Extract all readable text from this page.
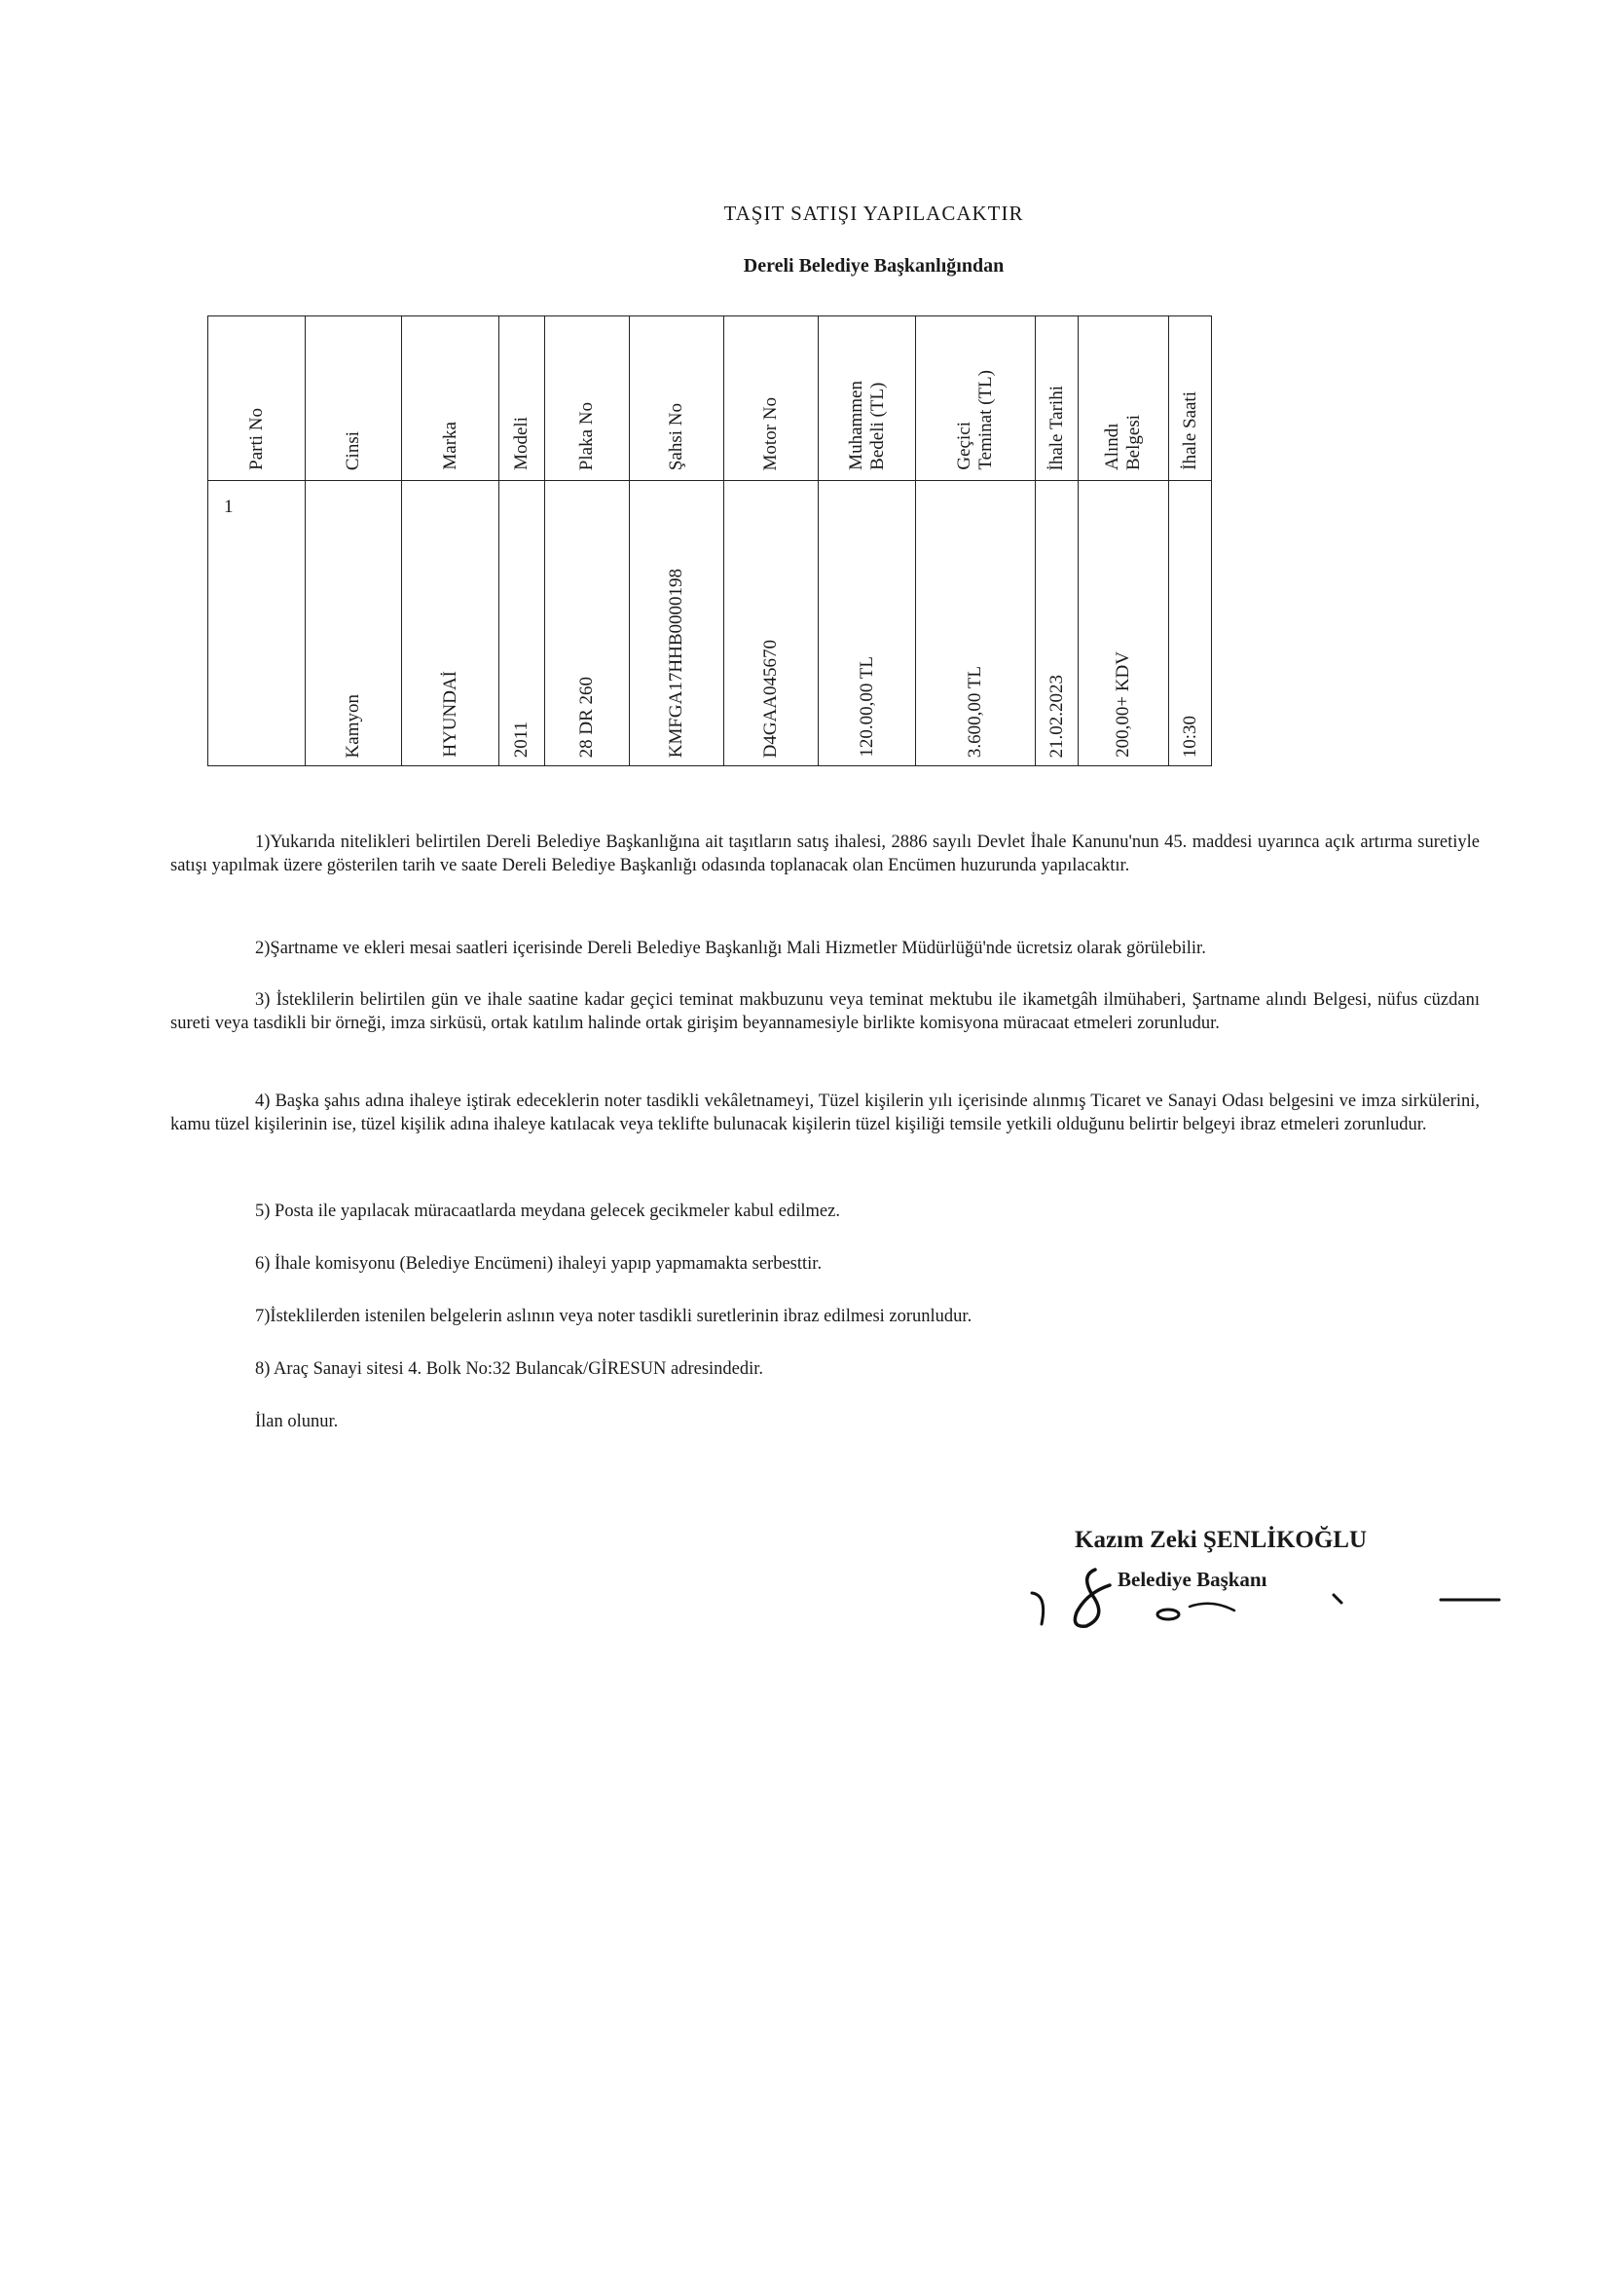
TAŞIT SATIŞI YAPILACAKTIR
Dereli Belediye Başkanlığından
Parti No	Cinsi	Marka	Modeli	Plaka No	Şahsi No	Motor No	Muhammen Bedeli (TL)	Geçici Teminat (TL)	İhale Tarihi	Alındı Belgesi	İhale Saati

1	Kamyon	HYUNDAİ	2011	28 DR 260	KMFGA17HHB0000198	D4GAA045670	120.00,00 TL	3.600,00 TL	21.02.2023	200,00+ KDV	10:30
1)Yukarıda nitelikleri belirtilen Dereli Belediye Başkanlığına ait taşıtların satış ihalesi, 2886 sayılı Devlet İhale Kanunu'nun 45. maddesi uyarınca açık artırma suretiyle satışı yapılmak üzere gösterilen tarih ve saate Dereli Belediye Başkanlığı odasında toplanacak olan Encümen huzurunda yapılacaktır.
2)Şartname ve ekleri mesai saatleri içerisinde Dereli Belediye Başkanlığı Mali Hizmetler Müdürlüğü'nde ücretsiz olarak görülebilir.
3) İsteklilerin belirtilen gün ve ihale saatine kadar geçici teminat makbuzunu veya teminat mektubu ile ikametgâh ilmühaberi, Şartname alındı Belgesi, nüfus cüzdanı sureti veya tasdikli bir örneği, imza sirküsü, ortak katılım halinde ortak girişim beyannamesiyle birlikte komisyona müracaat etmeleri zorunludur.
4) Başka şahıs adına ihaleye iştirak edeceklerin noter tasdikli vekâletnameyi, Tüzel kişilerin yılı içerisinde alınmış Ticaret ve Sanayi Odası belgesini ve imza sirkülerini, kamu tüzel kişilerinin ise, tüzel kişilik adına ihaleye katılacak veya teklifte bulunacak kişilerin tüzel kişiliği temsile yetkili olduğunu belirtir belgeyi ibraz etmeleri zorunludur.
5) Posta ile yapılacak müracaatlarda meydana gelecek gecikmeler kabul edilmez.
6) İhale komisyonu (Belediye Encümeni) ihaleyi yapıp yapmamakta serbesttir.
7)İsteklilerden istenilen belgelerin aslının veya noter tasdikli suretlerinin ibraz edilmesi zorunludur.
8) Araç Sanayi sitesi 4. Bolk No:32 Bulancak/GİRESUN adresindedir.
İlan olunur.
Kazım Zeki ŞENLİKOĞLU
Belediye Başkanı
